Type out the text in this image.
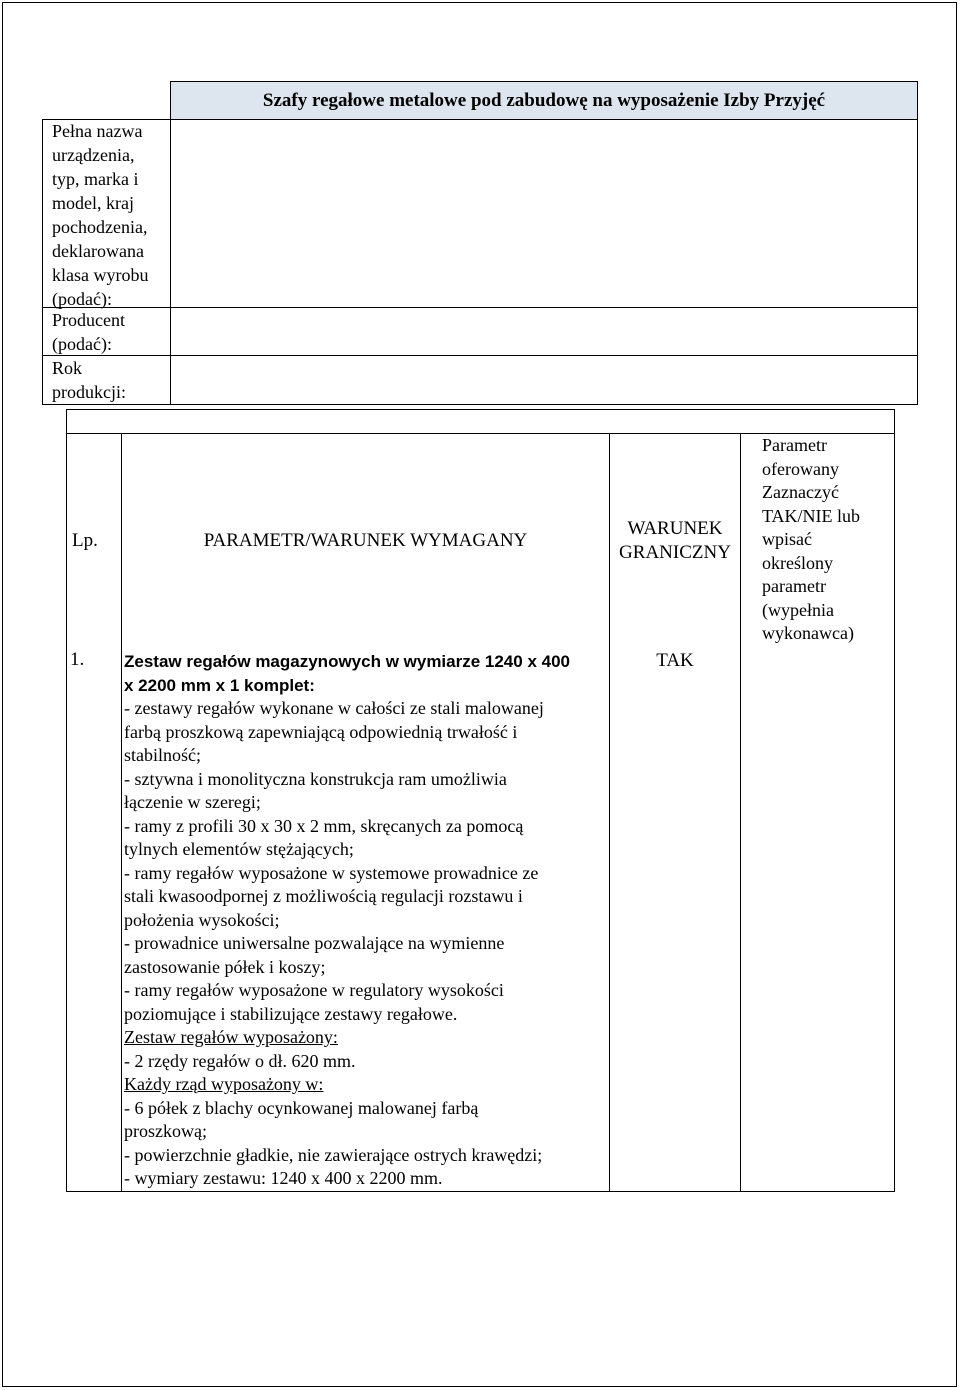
Szafy regałowe metalowe pod zabudowę na wyposażenie Izby Przyjęć
Pełna nazwa
urządzenia,
typ, marka i
model, kraj
pochodzenia,
deklarowana
klasa wyrobu
(podać):
Producent
(podać):
Rok
produkcji:
Lp.	PARAMETR/WARUNEK WYMAGANY
WARUNEK
GRANICZNY
Parametr
oferowany
Zaznaczyć
TAK/NIE lub
wpisać
określony
parametr
(wypełnia
wykonawca)
1. Zestaw regałów magazynowych w wymiarze 1240 x 400
x 2200 mm x 1 komplet:
- zestawy regałów wykonane w całości ze stali malowanej
farbą proszkową zapewniającą odpowiednią trwałość i
stabilność;
- sztywna i monolityczna konstrukcja ram umożliwia
łączenie w szeregi;
- ramy z profili 30 x 30 x 2 mm, skręcanych za pomocą
tylnych elementów stężających;
- ramy regałów wyposażone w systemowe prowadnice ze
stali kwasoodpornej z możliwością regulacji rozstawu i
położenia wysokości;
- prowadnice uniwersalne pozwalające na wymienne
zastosowanie półek i koszy;
- ramy regałów wyposażone w regulatory wysokości
poziomujące i stabilizujące zestawy regałowe.
Zestaw regałów wyposażony:
- 2 rzędy regałów o dł. 620 mm.
Każdy rząd wyposażony w:
- 6 półek z blachy ocynkowanej malowanej farbą
proszkową;
- powierzchnie gładkie, nie zawierające ostrych krawędzi;
- wymiary zestawu: 1240 x 400 x 2200 mm.
TAK
